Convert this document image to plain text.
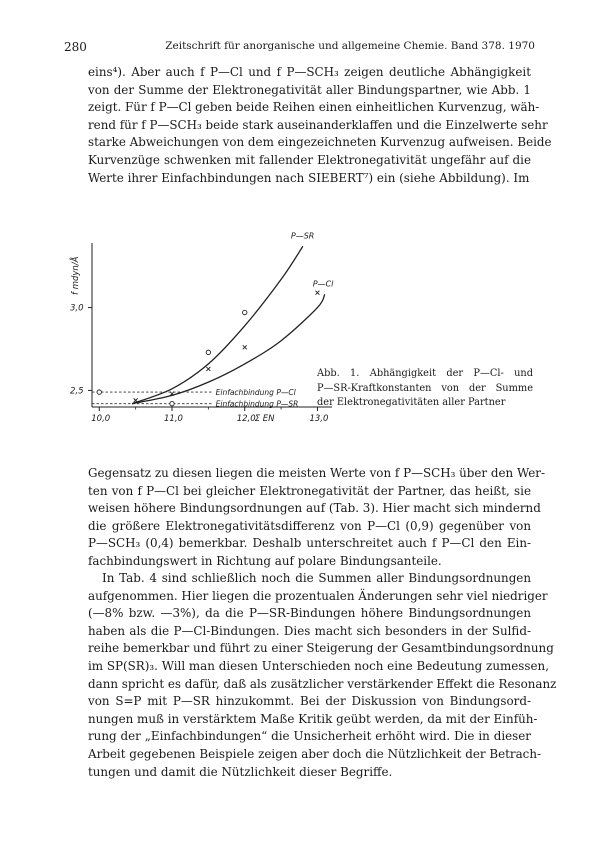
280	Zeitschrift für anorganische und allgemeine Chemie. Band 378. 1970
eins⁴). Aber auch f P—Cl und f P—SCH₃ zeigen deutliche Abhängigkeit
von der Summe der Elektronegativität aller Bindungspartner, wie Abb. 1
zeigt. Für f P—Cl geben beide Reihen einen einheitlichen Kurvenzug, wäh-
rend für f P—SCH₃ beide stark auseinanderklaffen und die Einzelwerte sehr
starke Abweichungen von dem eingezeichneten Kurvenzug aufweisen. Beide
Kurvenzüge schwenken mit fallender Elektronegativität ungefähr auf die
Werte ihrer Einfachbindungen nach SIEBERT⁷) ein (siehe Abbildung). Im
10,0	11,0	12,0	13,0
Σ EN
2,5
3,0
f mdyn/Å
Einfachbindung P—Cl
Einfachbindung P—SR
P—SR
P—Cl
Abb. 1. Abhängigkeit der P—Cl- und
P—SR-Kraftkonstanten von der Summe
der Elektronegativitäten aller Partner
Gegensatz zu diesen liegen die meisten Werte von f P—SCH₃ über den Wer-
ten von f P—Cl bei gleicher Elektronegativität der Partner, das heißt, sie
weisen höhere Bindungsordnungen auf (Tab. 3). Hier macht sich mindernd
die größere Elektronegativitätsdifferenz von P—Cl (0,9) gegenüber von
P—SCH₃ (0,4) bemerkbar. Deshalb unterschreitet auch f P—Cl den Ein-
fachbindungswert in Richtung auf polare Bindungsanteile.
In Tab. 4 sind schließlich noch die Summen aller Bindungsordnungen
aufgenommen. Hier liegen die prozentualen Änderungen sehr viel niedriger
(—8% bzw. —3%), da die P—SR-Bindungen höhere Bindungsordnungen
haben als die P—Cl-Bindungen. Dies macht sich besonders in der Sulfid-
reihe bemerkbar und führt zu einer Steigerung der Gesamtbindungsordnung
im SP(SR)₃. Will man diesen Unterschieden noch eine Bedeutung zumessen,
dann spricht es dafür, daß als zusätzlicher verstärkender Effekt die Resonanz
von S=P mit P—SR hinzukommt. Bei der Diskussion von Bindungsord-
nungen muß in verstärktem Maße Kritik geübt werden, da mit der Einfüh-
rung der „Einfachbindungen“ die Unsicherheit erhöht wird. Die in dieser
Arbeit gegebenen Beispiele zeigen aber doch die Nützlichkeit der Betrach-
tungen und damit die Nützlichkeit dieser Begriffe.
